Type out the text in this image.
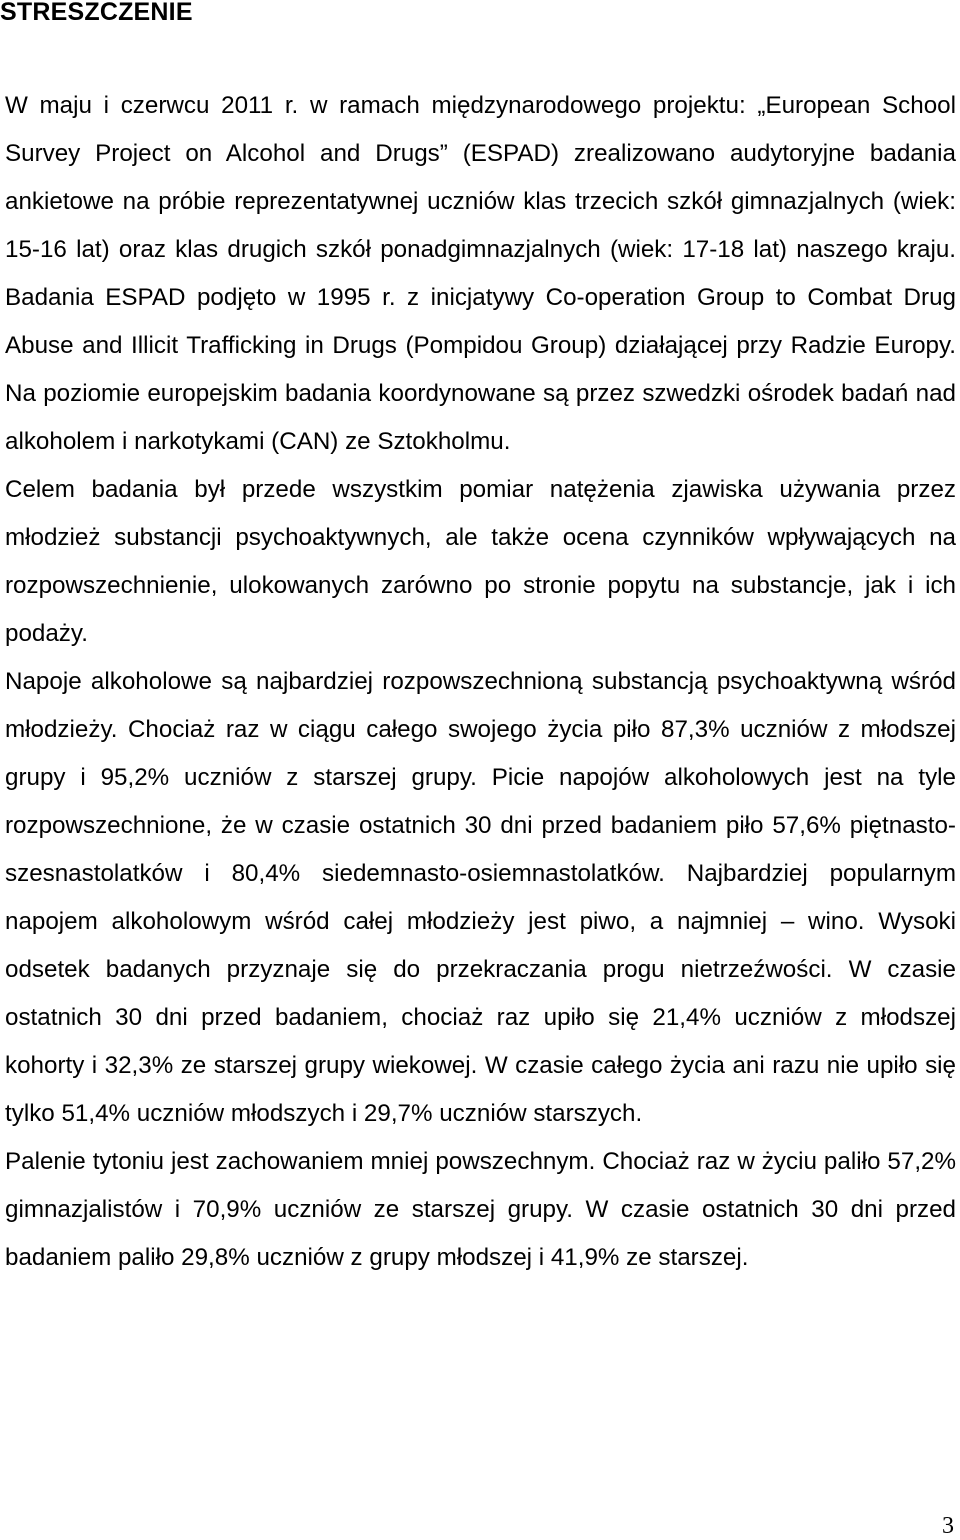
STRESZCZENIE

W maju i czerwcu 2011 r. w ramach międzynarodowego projektu: „European School Survey Project on Alcohol and Drugs” (ESPAD) zrealizowano audytoryjne badania ankietowe na próbie reprezentatywnej uczniów klas trzecich szkół gimnazjalnych (wiek: 15-16 lat) oraz klas drugich szkół ponadgimnazjalnych (wiek: 17-18 lat) naszego kraju. Badania ESPAD podjęto w 1995 r. z inicjatywy Co-operation Group to Combat Drug Abuse and Illicit Trafficking in Drugs (Pompidou Group) działającej przy Radzie Europy. Na poziomie europejskim badania koordynowane są przez szwedzki ośrodek badań nad alkoholem i narkotykami (CAN) ze Sztokholmu.

Celem badania był przede wszystkim pomiar natężenia zjawiska używania przez młodzież substancji psychoaktywnych, ale także ocena czynników wpływających na rozpowszechnienie, ulokowanych zarówno po stronie popytu na substancje, jak i ich podaży.

Napoje alkoholowe są najbardziej rozpowszechnioną substancją psychoaktywną wśród młodzieży. Chociaż raz w ciągu całego swojego życia piło 87,3% uczniów z młodszej grupy i 95,2% uczniów z starszej grupy. Picie napojów alkoholowych jest na tyle rozpowszechnione, że w czasie ostatnich 30 dni przed badaniem piło 57,6% piętnasto-szesnastolatków i 80,4% siedemnasto-osiemnastolatków. Najbardziej popularnym napojem alkoholowym wśród całej młodzieży jest piwo, a najmniej – wino. Wysoki odsetek badanych przyznaje się do przekraczania progu nietrzeźwości. W czasie ostatnich 30 dni przed badaniem, chociaż raz upiło się 21,4% uczniów z młodszej kohorty i 32,3% ze starszej grupy wiekowej. W czasie całego życia ani razu nie upiło się tylko 51,4% uczniów młodszych i 29,7% uczniów starszych.

Palenie tytoniu jest zachowaniem mniej powszechnym. Chociaż raz w życiu paliło 57,2% gimnazjalistów i 70,9% uczniów ze starszej grupy. W czasie ostatnich 30 dni przed badaniem paliło 29,8% uczniów z grupy młodszej i 41,9% ze starszej.

3
